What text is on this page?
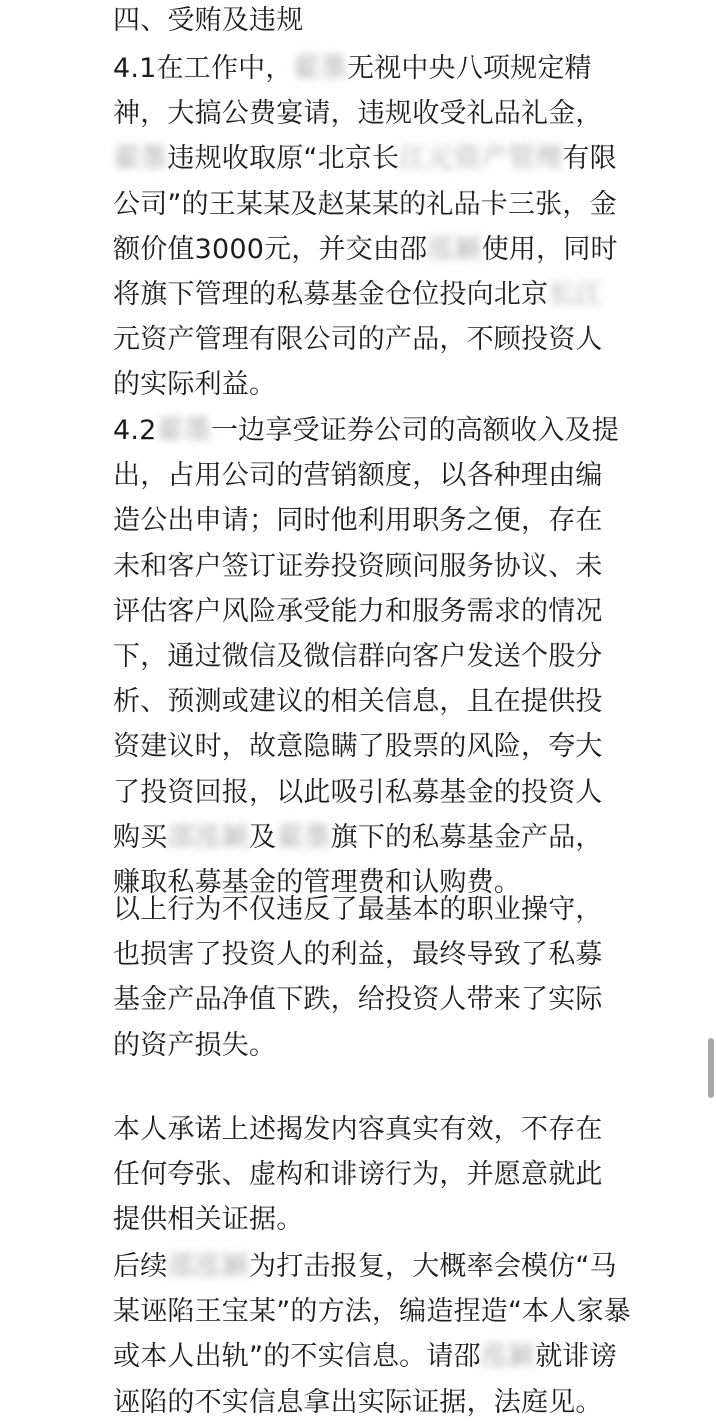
四、受贿及违规

4.1在工作中，翟墨无视中央八项规定精
神，大搞公费宴请，违规收受礼品礼金，
翟墨违规收取原“北京长江元资产管理有限
公司”的王某某及赵某某的礼品卡三张，金
额价值3000元，并交由邵泓颖使用，同时
将旗下管理的私募基金仓位投向北京长江
元资产管理有限公司的产品，不顾投资人
的实际利益。
4.2翟墨一边享受证券公司的高额收入及提
出，占用公司的营销额度，以各种理由编
造公出申请；同时他利用职务之便，存在
未和客户签订证券投资顾问服务协议、未
评估客户风险承受能力和服务需求的情况
下，通过微信及微信群向客户发送个股分
析、预测或建议的相关信息，且在提供投
资建议时，故意隐瞒了股票的风险，夸大
了投资回报，以此吸引私募基金的投资人
购买邵泓颖及翟墨旗下的私募基金产品，
赚取私募基金的管理费和认购费。
以上行为不仅违反了最基本的职业操守，
也损害了投资人的利益，最终导致了私募
基金产品净值下跌，给投资人带来了实际
的资产损失。
本人承诺上述揭发内容真实有效，不存在
任何夸张、虚构和诽谤行为，并愿意就此
提供相关证据。
后续邵泓颖为打击报复，大概率会模仿“马
某诬陷王宝某”的方法，编造捏造“本人家暴
或本人出轨”的不实信息。请邵泓颖就诽谤
诬陷的不实信息拿出实际证据，法庭见。
